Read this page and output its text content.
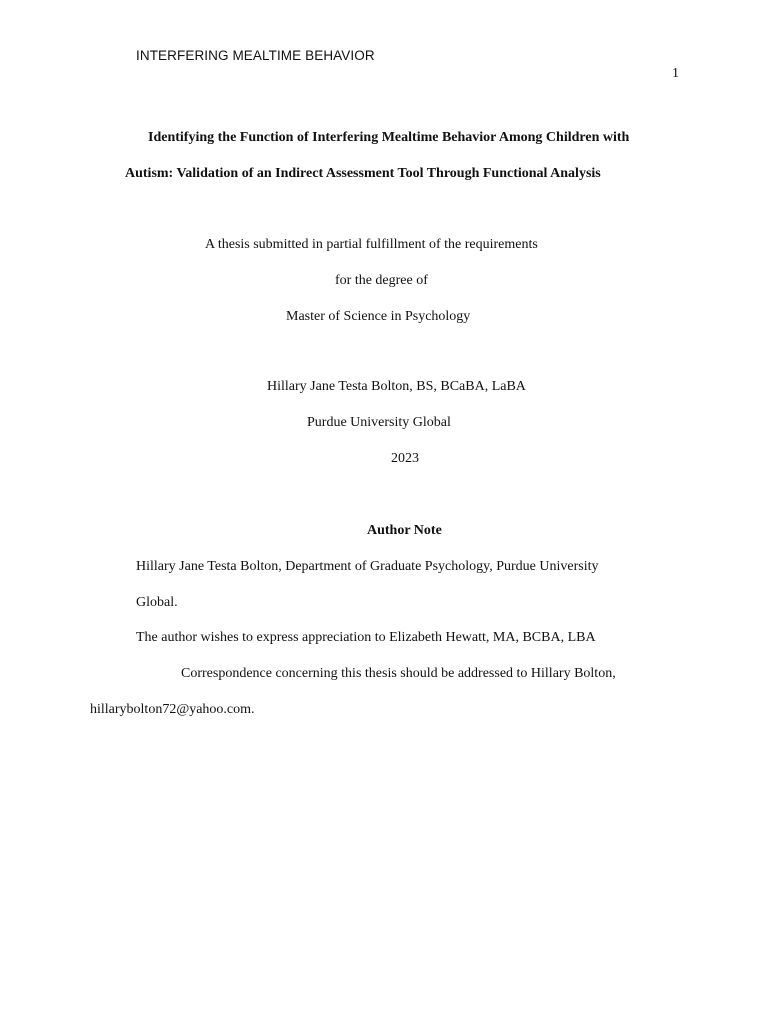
INTERFERING MEALTIME BEHAVIOR
1
Identifying the Function of Interfering Mealtime Behavior Among Children with
Autism: Validation of an Indirect Assessment Tool Through Functional Analysis
A thesis submitted in partial fulfillment of the requirements
for the degree of
Master of Science in Psychology
Hillary Jane Testa Bolton, BS, BCaBA, LaBA
Purdue University Global
2023
Author Note
Hillary Jane Testa Bolton, Department of Graduate Psychology, Purdue University
Global.
The author wishes to express appreciation to Elizabeth Hewatt, MA, BCBA, LBA
Correspondence concerning this thesis should be addressed to Hillary Bolton,
hillarybolton72@yahoo.com.
